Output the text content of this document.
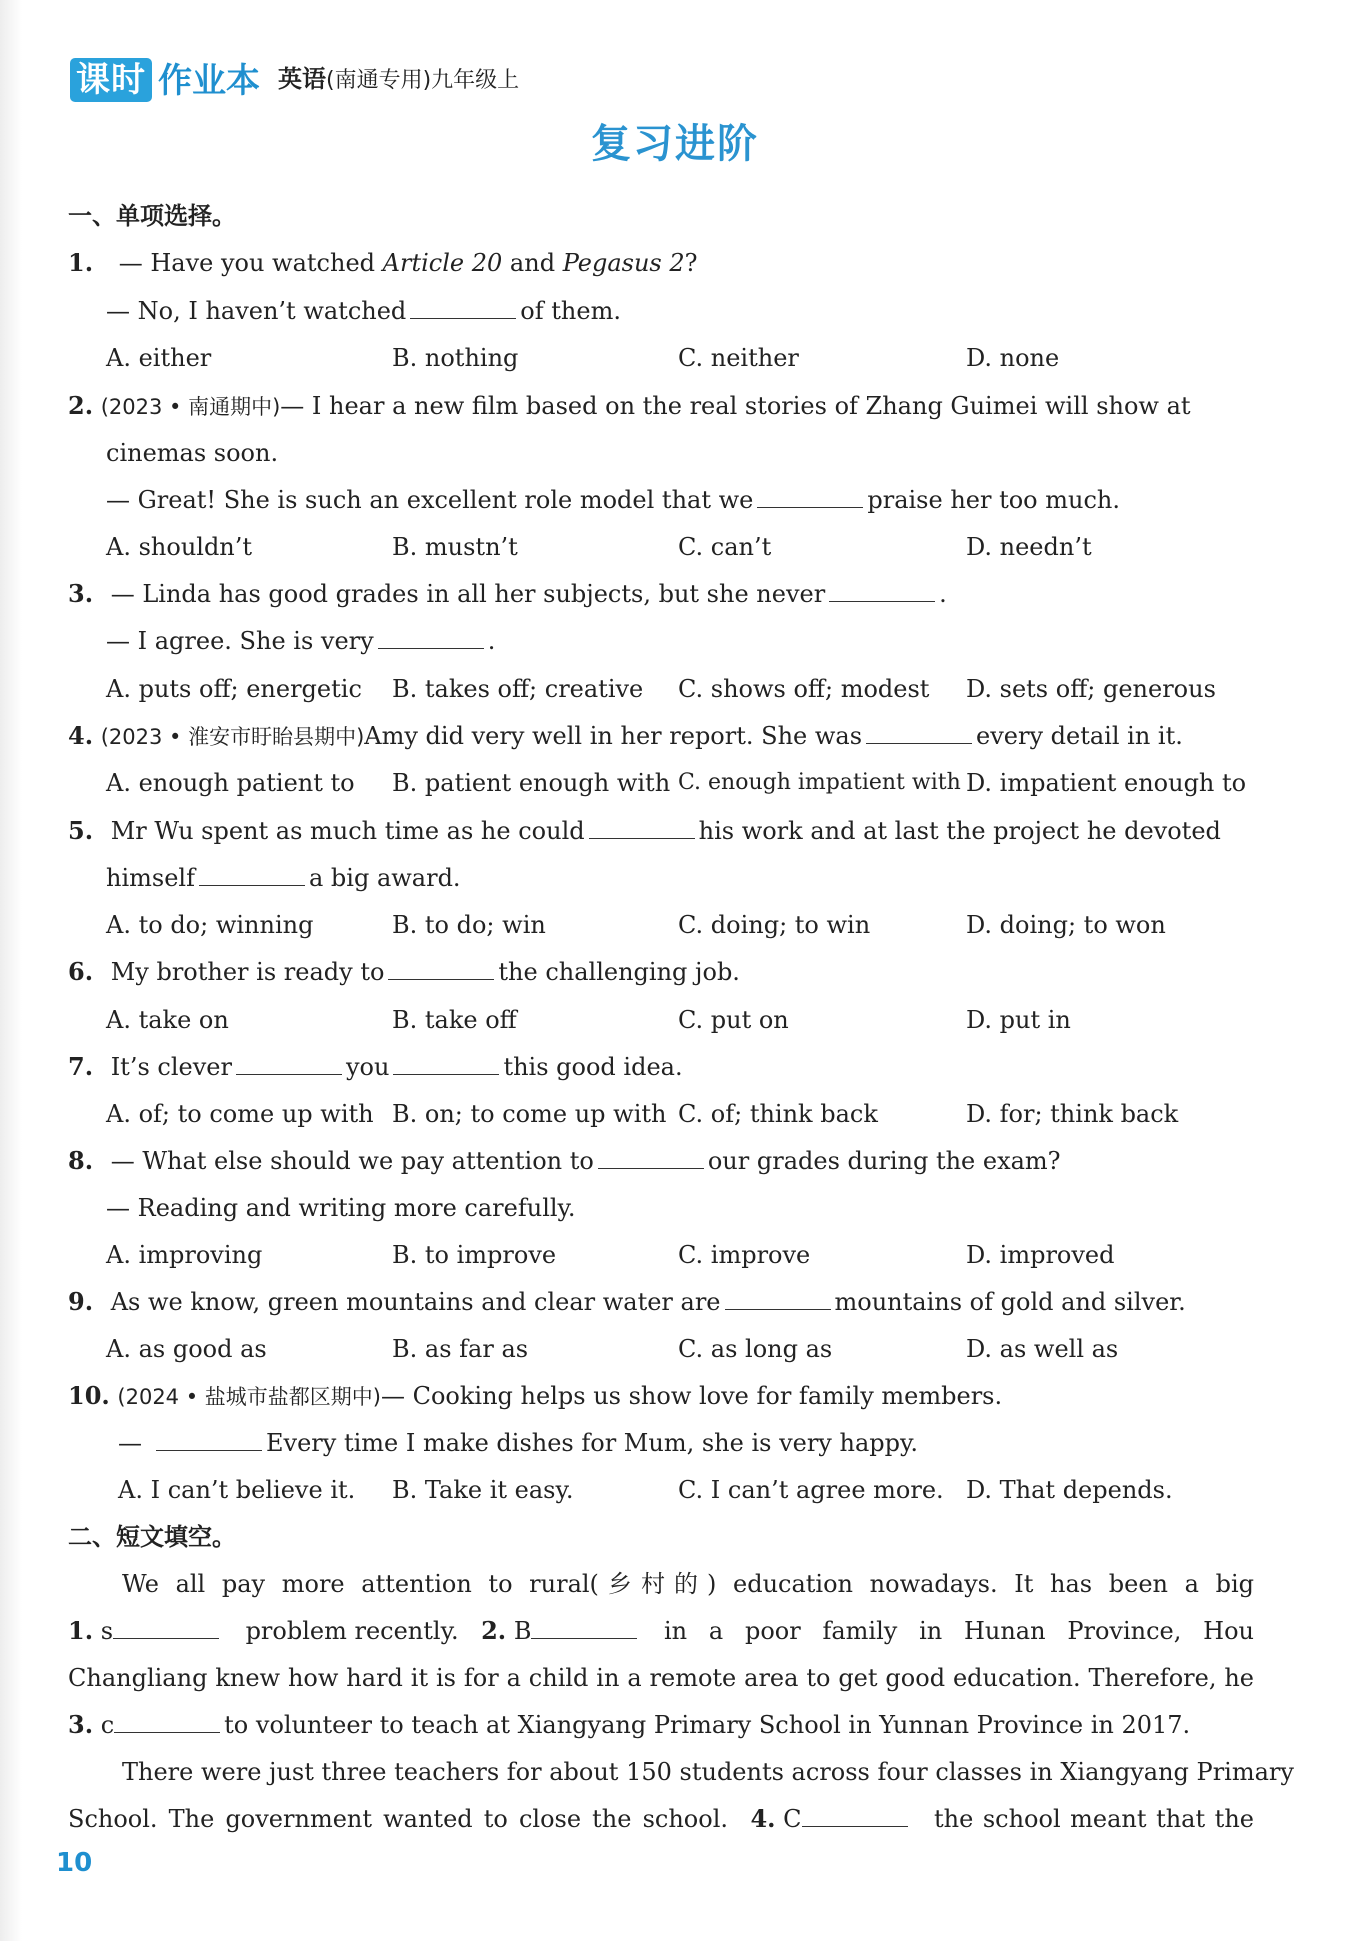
课时 作业本 英语(南通专用)九年级上
复习进阶
一、单项选择。
1. — Have you watched Article 20 and Pegasus 2?
— No, I haven’t watched	of them.
A. either	B. nothing	C. neither	D. none
2. (2023 • 南通期中)— I hear a new film based on the real stories of Zhang Guimei will show at
cinemas soon.
— Great! She is such an excellent role model that we	praise her too much.
A. shouldn’t	B. mustn’t	C. can’t	D. needn’t
3. — Linda has good grades in all her subjects, but she never	.
— I agree. She is very	.
A. puts off; energetic B. takes off; creative C. shows off; modest D. sets off; generous
4. (2023 • 淮安市盱眙县期中)Amy did very well in her report. She was	every detail in it.
A. enough patient to B. patient enough with C. enough impatient with D. impatient enough to
5. Mr Wu spent as much time as he could	his work and at last the project he devoted
himself	a big award.
A. to do; winning	B. to do; win	C. doing; to win	D. doing; to won
6. My brother is ready to	the challenging job.
A. take on	B. take off	C. put on	D. put in
7. It’s clever	you	this good idea.
A. of; to come up with B. on; to come up with C. of; think back	D. for; think back
8. — What else should we pay attention to	our grades during the exam?
— Reading and writing more carefully.
A. improving	B. to improve	C. improve	D. improved
9. As we know, green mountains and clear water are	mountains of gold and silver.
A. as good as	B. as far as	C. as long as	D. as well as
10. (2024 • 盐城市盐都区期中)— Cooking helps us show love for family members.
—	Every time I make dishes for Mum, she is very happy.
A. I can’t believe it. B. Take it easy.	C. I can’t agree more. D. That depends.
二、短文填空。
We all pay more attention to rural(乡村的) education nowadays. It has been a big
1. s	problem recently. 2. B	in a poor family in Hunan Province, Hou
Changliang knew how hard it is for a child in a remote area to get good education. Therefore, he
3. c	to volunteer to teach at Xiangyang Primary School in Yunnan Province in 2017.
There were just three teachers for about 150 students across four classes in Xiangyang Primary
School. The government wanted to close the school. 4. C	the school meant that the
10
